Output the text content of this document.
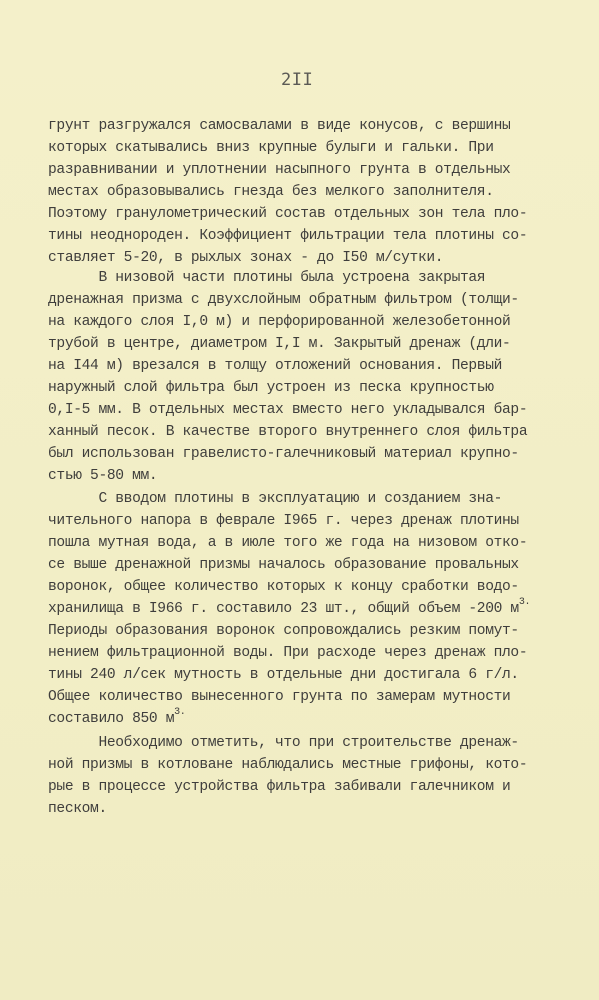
2II
грунт разгружался самосвалами в виде конусов, с вершины
которых скатывались вниз крупные булыги и гальки. При
разравнивании и уплотнении насыпного грунта в отдельных
местах образовывались гнезда без мелкого заполнителя.
Поэтому гранулометрический состав отдельных зон тела пло-
тины неоднороден. Коэффициент фильтрации тела плотины со-
ставляет 5-20, в рыхлых зонах - до I50 м/сутки.
В низовой части плотины была устроена закрытая
дренажная призма с двухслойным обратным фильтром (толщи-
на каждого слоя I,0 м) и перфорированной железобетонной
трубой в центре, диаметром I,I м. Закрытый дренаж (дли-
на I44 м) врезался в толщу отложений основания. Первый
наружный слой фильтра был устроен из песка крупностью
0,I-5 мм. В отдельных местах вместо него укладывался бар-
ханный песок. В качестве второго внутреннего слоя фильтра
был использован гравелисто-галечниковый материал крупно-
стью 5-80 мм.
С вводом плотины в эксплуатацию и созданием зна-
чительного напора в феврале I965 г. через дренаж плотины
пошла мутная вода, а в июле того же года на низовом отко-
се выше дренажной призмы началось образование провальных
воронок, общее количество которых к концу сработки водо-
хранилища в I966 г. составило 23 шт., общий объем -200 $м^{3.}$
Периоды образования воронок сопровождались резким помут-
нением фильтрационной воды. При расходе через дренаж пло-
тины 240 л/сек мутность в отдельные дни достигала 6 г/л.
Общее количество вынесенного грунта по замерам мутности
составило 850 $м^{3.}$
Необходимо отметить, что при строительстве дренаж-
ной призмы в котловане наблюдались местные грифоны, кото-
рые в процессе устройства фильтра забивали галечником и
песком.
